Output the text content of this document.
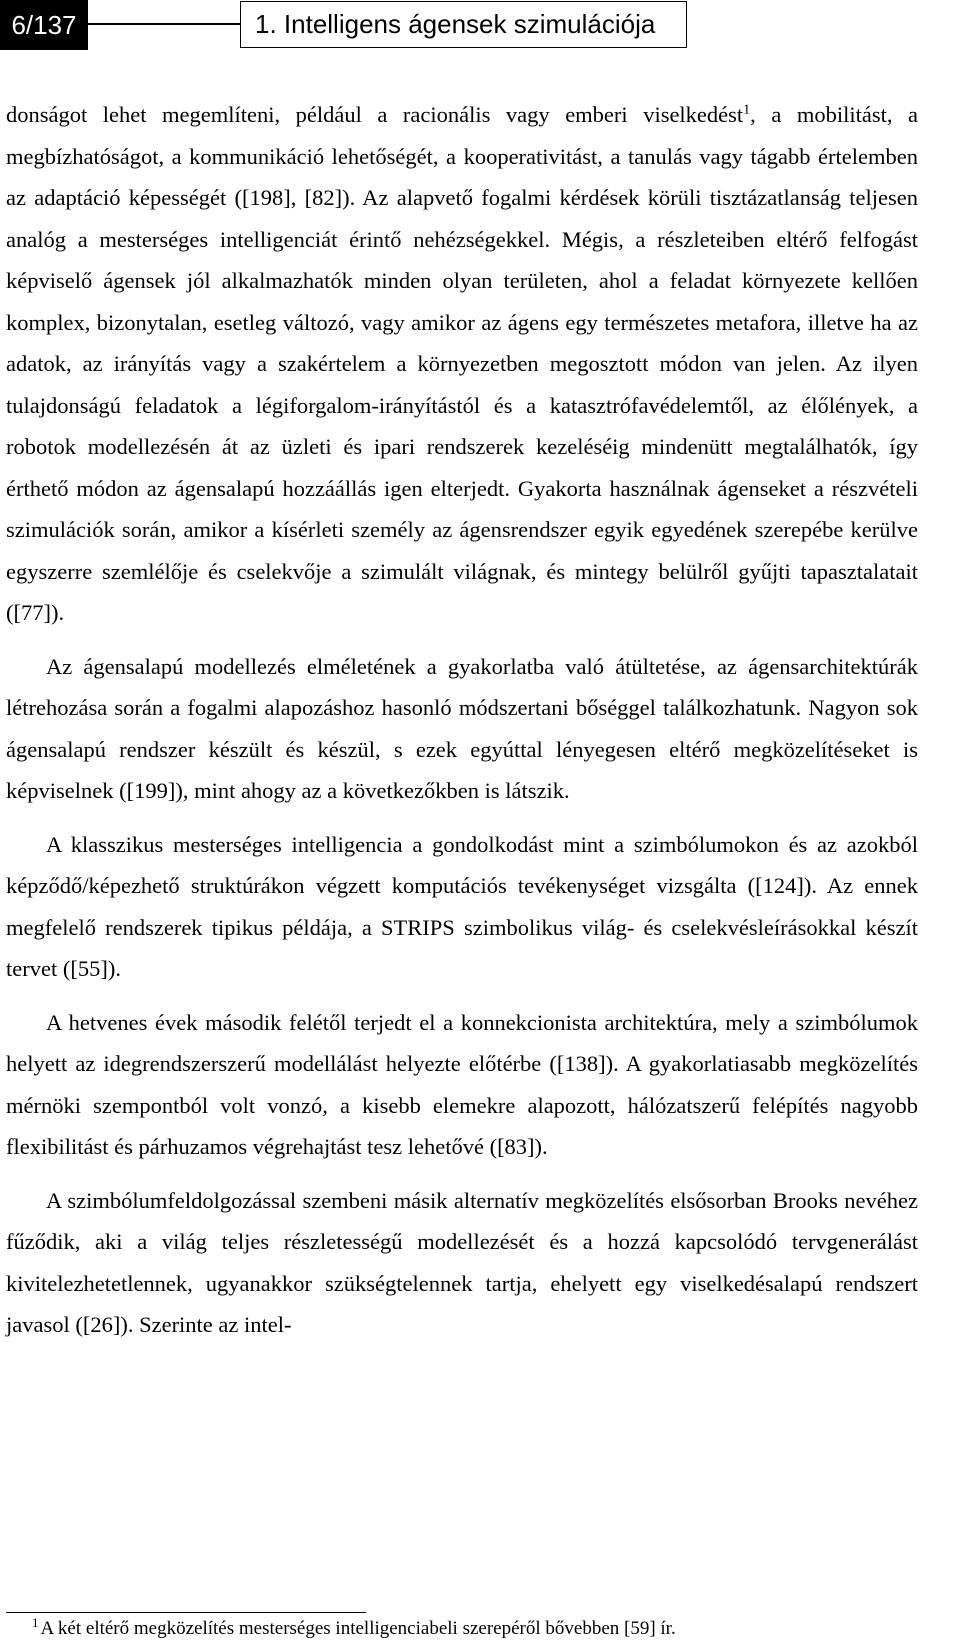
6/137	1. Intelligens ágensek szimulációja

donságot lehet megemlíteni, például a racionális vagy emberi viselkedést$^1$, a mobilitást, a megbízhatóságot, a kommunikáció lehetőségét, a kooperativitást, a tanulás vagy tágabb értelemben az adaptáció képességét ([198], [82]). Az alapvető fogalmi kérdések körüli tisztázatlanság teljesen analóg a mesterséges intelligenciát érintő nehézségekkel. Mégis, a részleteiben eltérő felfogást képviselő ágensek jól alkalmazhatók minden olyan területen, ahol a feladat környezete kellően komplex, bizonytalan, esetleg változó, vagy amikor az ágens egy természetes metafora, illetve ha az adatok, az irányítás vagy a szakértelem a környezetben megosztott módon van jelen. Az ilyen tulajdonságú feladatok a légiforgalom-irányítástól és a katasztrófavédelemtől, az élőlények, a robotok modellezésén át az üzleti és ipari rendszerek kezeléséig mindenütt megtalálhatók, így érthető módon az ágensalapú hozzáállás igen elterjedt. Gyakorta használnak ágenseket a részvételi szimulációk során, amikor a kísérleti személy az ágensrendszer egyik egyedének szerepébe kerülve egyszerre szemlélője és cselekvője a szimulált világnak, és mintegy belülről gyűjti tapasztalatait ([77]).

Az ágensalapú modellezés elméletének a gyakorlatba való átültetése, az ágensarchitektúrák létrehozása során a fogalmi alapozáshoz hasonló módszertani bőséggel találkozhatunk. Nagyon sok ágensalapú rendszer készült és készül, s ezek egyúttal lényegesen eltérő megközelítéseket is képviselnek ([199]), mint ahogy az a következőkben is látszik.

A klasszikus mesterséges intelligencia a gondolkodást mint a szimbólumokon és az azokból képződő/képezhető struktúrákon végzett komputációs tevékenységet vizsgálta ([124]). Az ennek megfelelő rendszerek tipikus példája, a STRIPS szimbolikus világ- és cselekvésleírásokkal készít tervet ([55]).

A hetvenes évek második felétől terjedt el a konnekcionista architektúra, mely a szimbólumok helyett az idegrendszerszerű modellálást helyezte előtérbe ([138]). A gyakorlatiasabb megközelítés mérnöki szempontból volt vonzó, a kisebb elemekre alapozott, hálózatszerű felépítés nagyobb flexibilitást és párhuzamos végrehajtást tesz lehetővé ([83]).

A szimbólumfeldolgozással szembeni másik alternatív megközelítés elsősorban Brooks nevéhez fűződik, aki a világ teljes részletességű modellezését és a hozzá kapcsolódó tervgenerálást kivitelezhetetlennek, ugyanakkor szükségtelennek tartja, ehelyett egy viselkedésalapú rendszert javasol ([26]). Szerinte az intel-

$^1$ A két eltérő megközelítés mesterséges intelligenciabeli szerepéről bővebben [59] ír.
